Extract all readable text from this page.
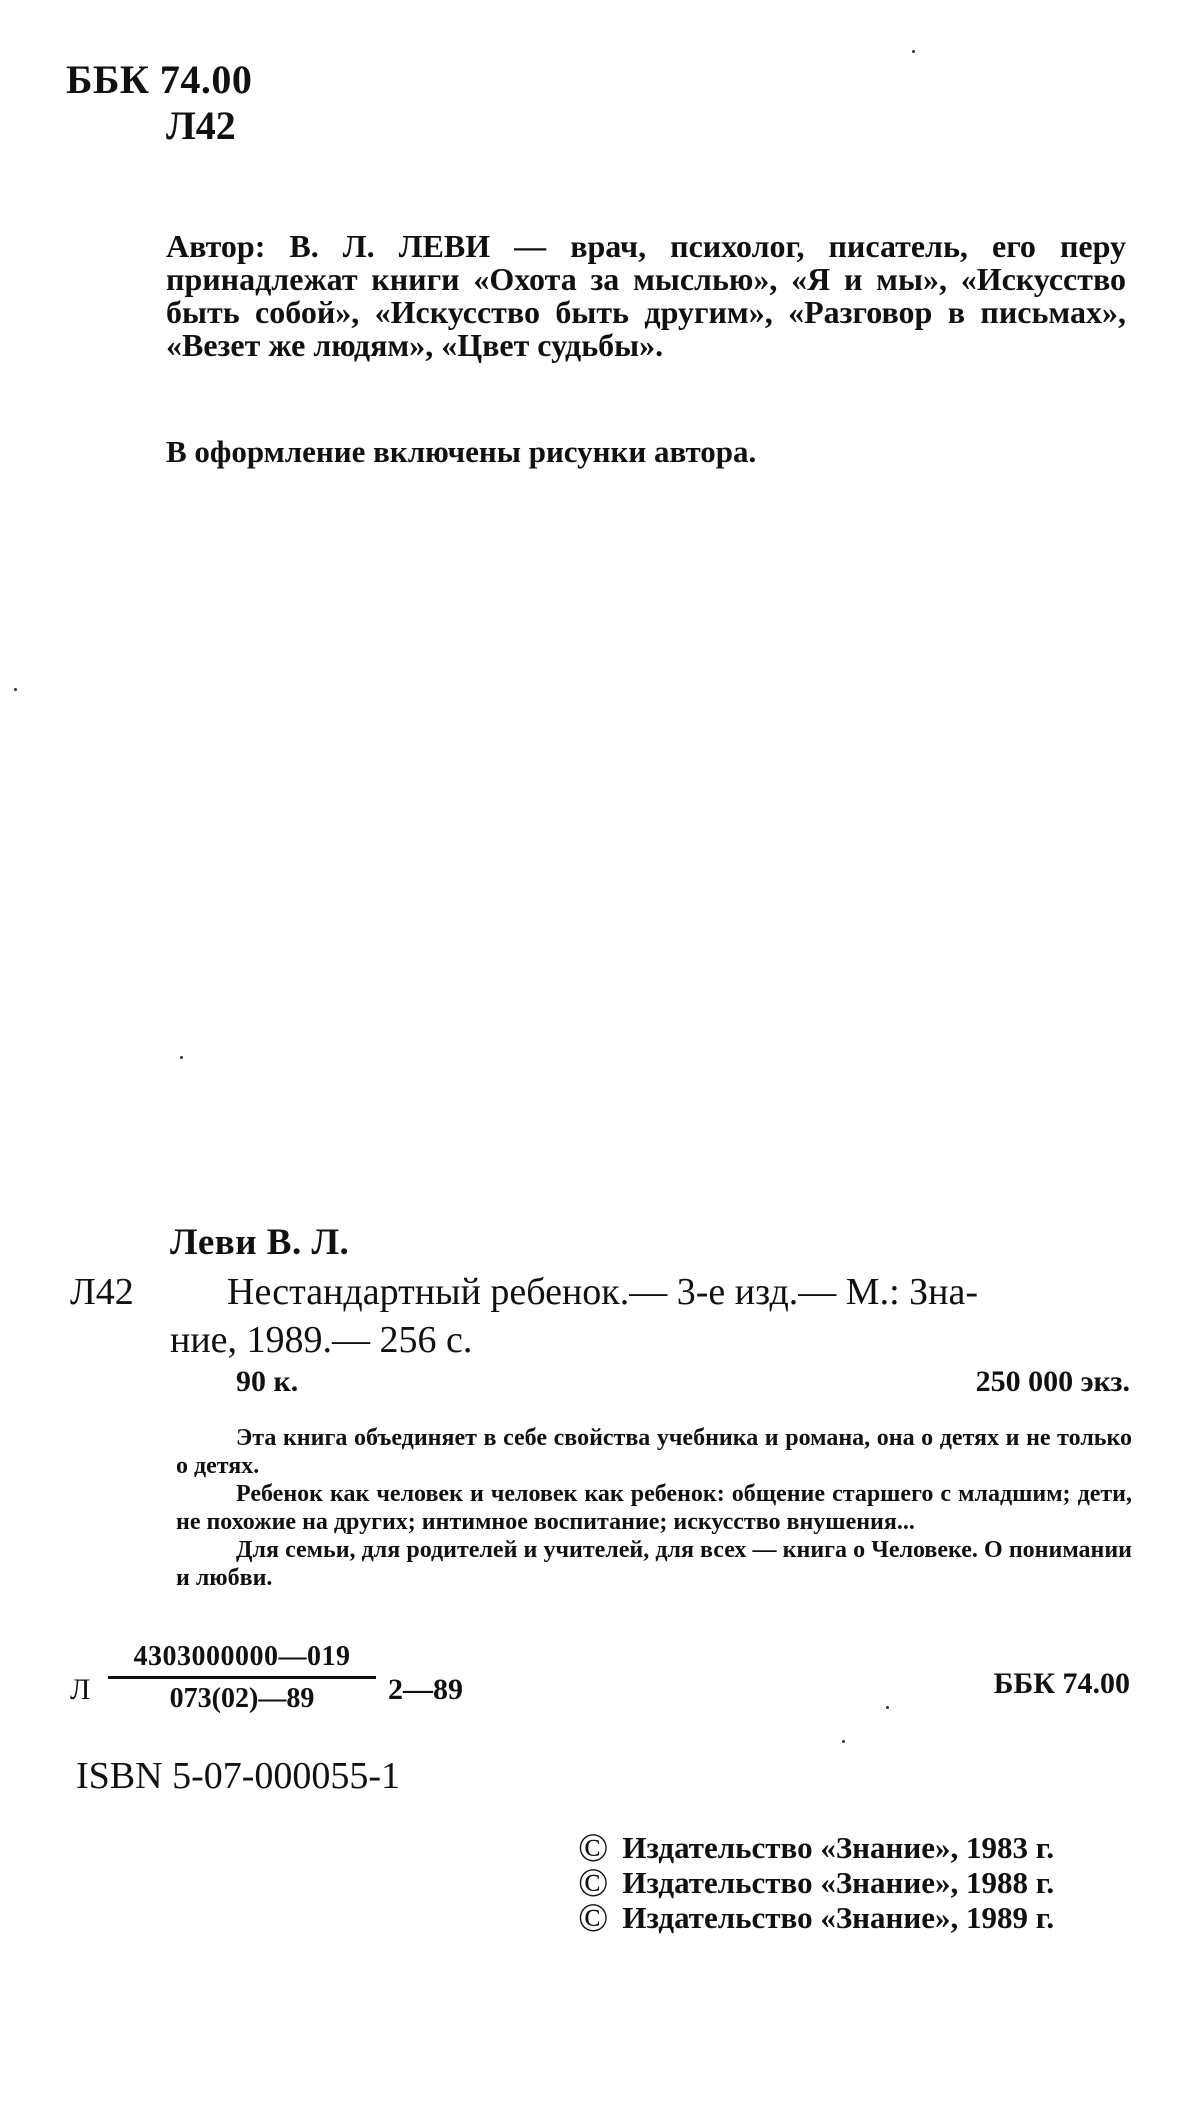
ББК 74.00
Л42
Автор: В. Л. ЛЕВИ — врач, психолог, писатель, его перу принадлежат книги «Охота за мыслью», «Я и мы», «Искусство быть собой», «Искусство быть другим», «Разговор в письмах», «Везет же людям», «Цвет судьбы».
В оформление включены рисунки автора.
Леви В. Л.
Л42 Нестандартный ребенок.— 3-е изд.— М.: Зна-
ние, 1989.— 256 с.
90 к.	250 000 экз.

Эта книга объединяет в себе свойства учебника и романа, она о детях и не только о детях.

Ребенок как человек и человек как ребенок: общение старшего с младшим; дети, не похожие на других; интимное воспитание; искусство внушения...

Для семьи, для родителей и учителей, для всех — книга о Человеке. О понимании и любви.

Л
4303000000—019
073(02)—89	2—89	ББК 74.00
ISBN 5-07-000055-1
© Издательство «Знание», 1983 г.
© Издательство «Знание», 1988 г.
© Издательство «Знание», 1989 г.
